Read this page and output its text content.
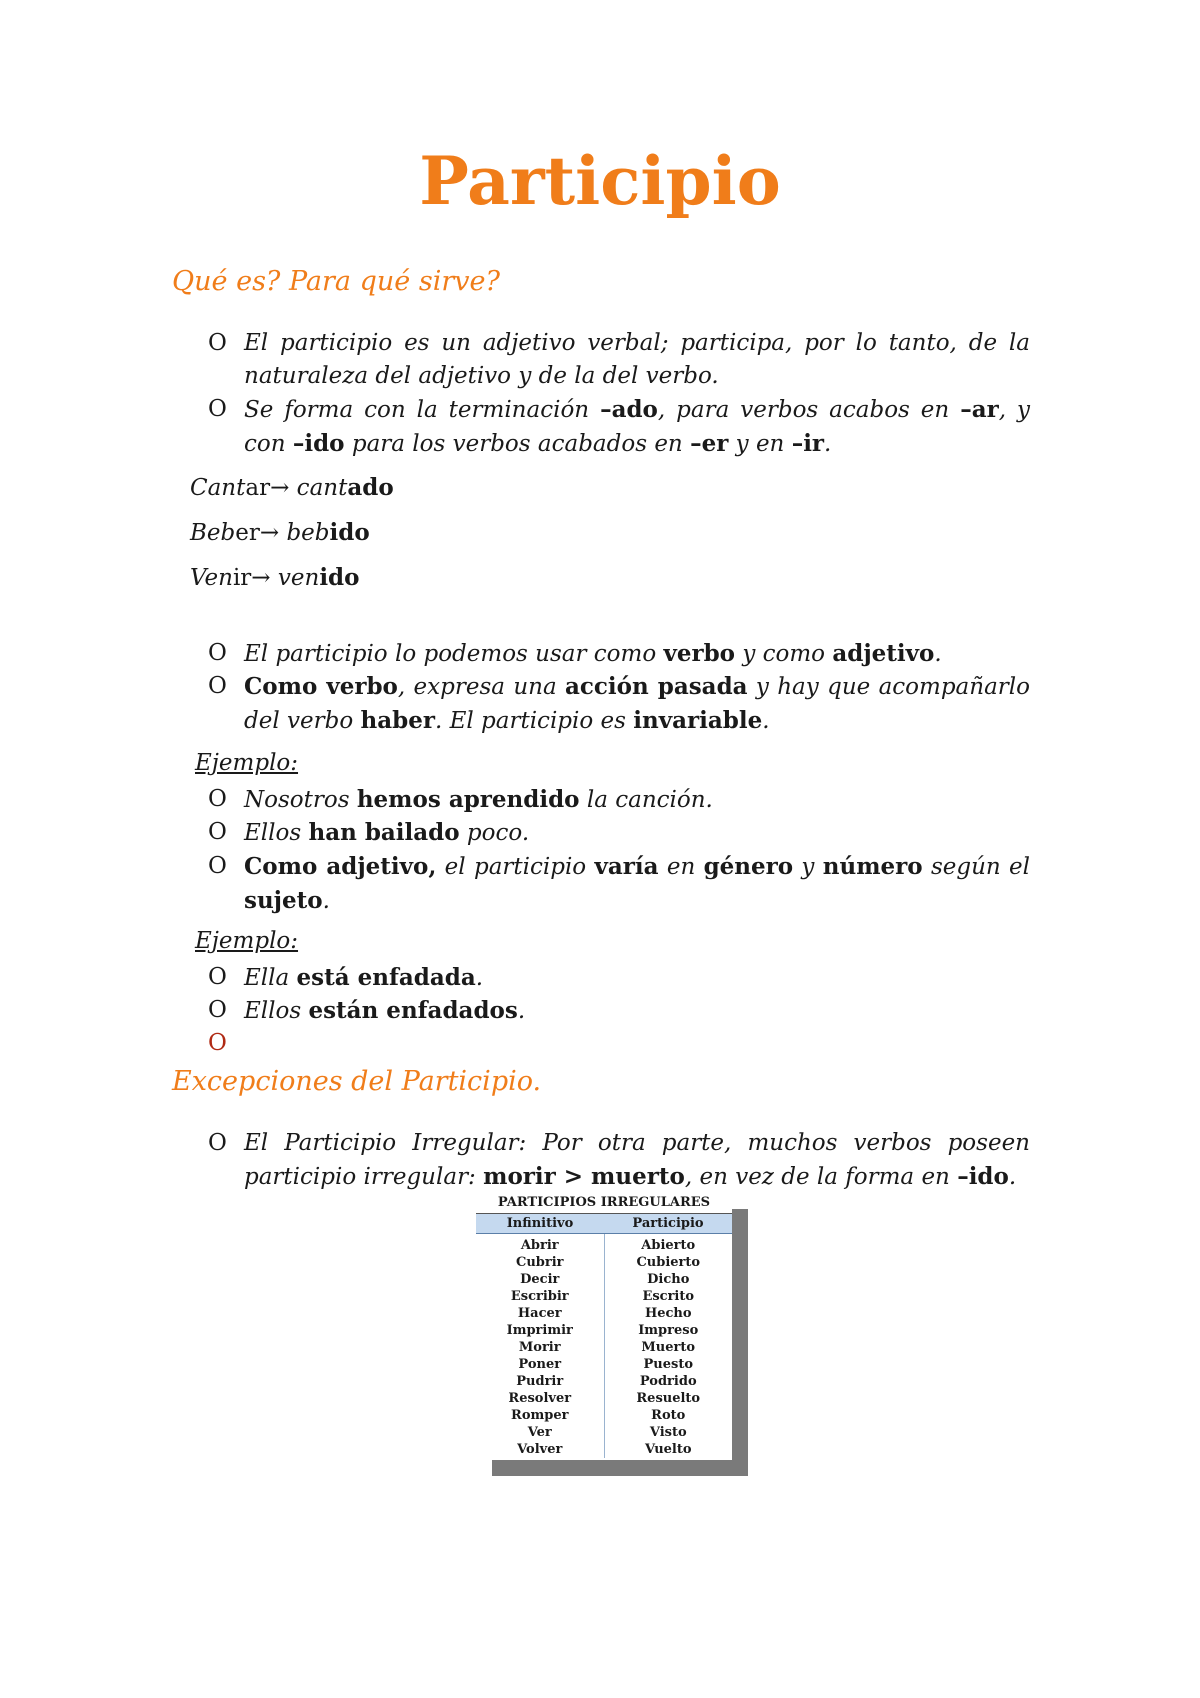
Participio
Qué es? Para qué sirve?
O El participio es un adjetivo verbal; participa, por lo tanto, de la naturaleza del adjetivo y de la del verbo.
O Se forma con la terminación –ado, para verbos acabos en –ar, y con –ido para los verbos acabados en –er y en –ir.
Cantar→ cantado
Beber→ bebido
Venir→ venido
O El participio lo podemos usar como verbo y como adjetivo.
O Como verbo, expresa una acción pasada y hay que acompañarlo del verbo haber. El participio es invariable.
Ejemplo:
O Nosotros hemos aprendido la canción.
O Ellos han bailado poco.
O Como adjetivo, el participio varía en género y número según el sujeto.
Ejemplo:
O Ella está enfadada.
O Ellos están enfadados.
O
Excepciones del Participio.
O El Participio Irregular: Por otra parte, muchos verbos poseen participio irregular: morir > muerto, en vez de la forma en –ido.
PARTICIPIOS IRREGULARES
Infinitivo	Participio
Abrir
Cubrir
Decir
Escribir
Hacer
Imprimir
Morir
Poner
Pudrir
Resolver
Romper
Ver
Volver
Abierto
Cubierto
Dicho
Escrito
Hecho
Impreso
Muerto
Puesto
Podrido
Resuelto
Roto
Visto
Vuelto
